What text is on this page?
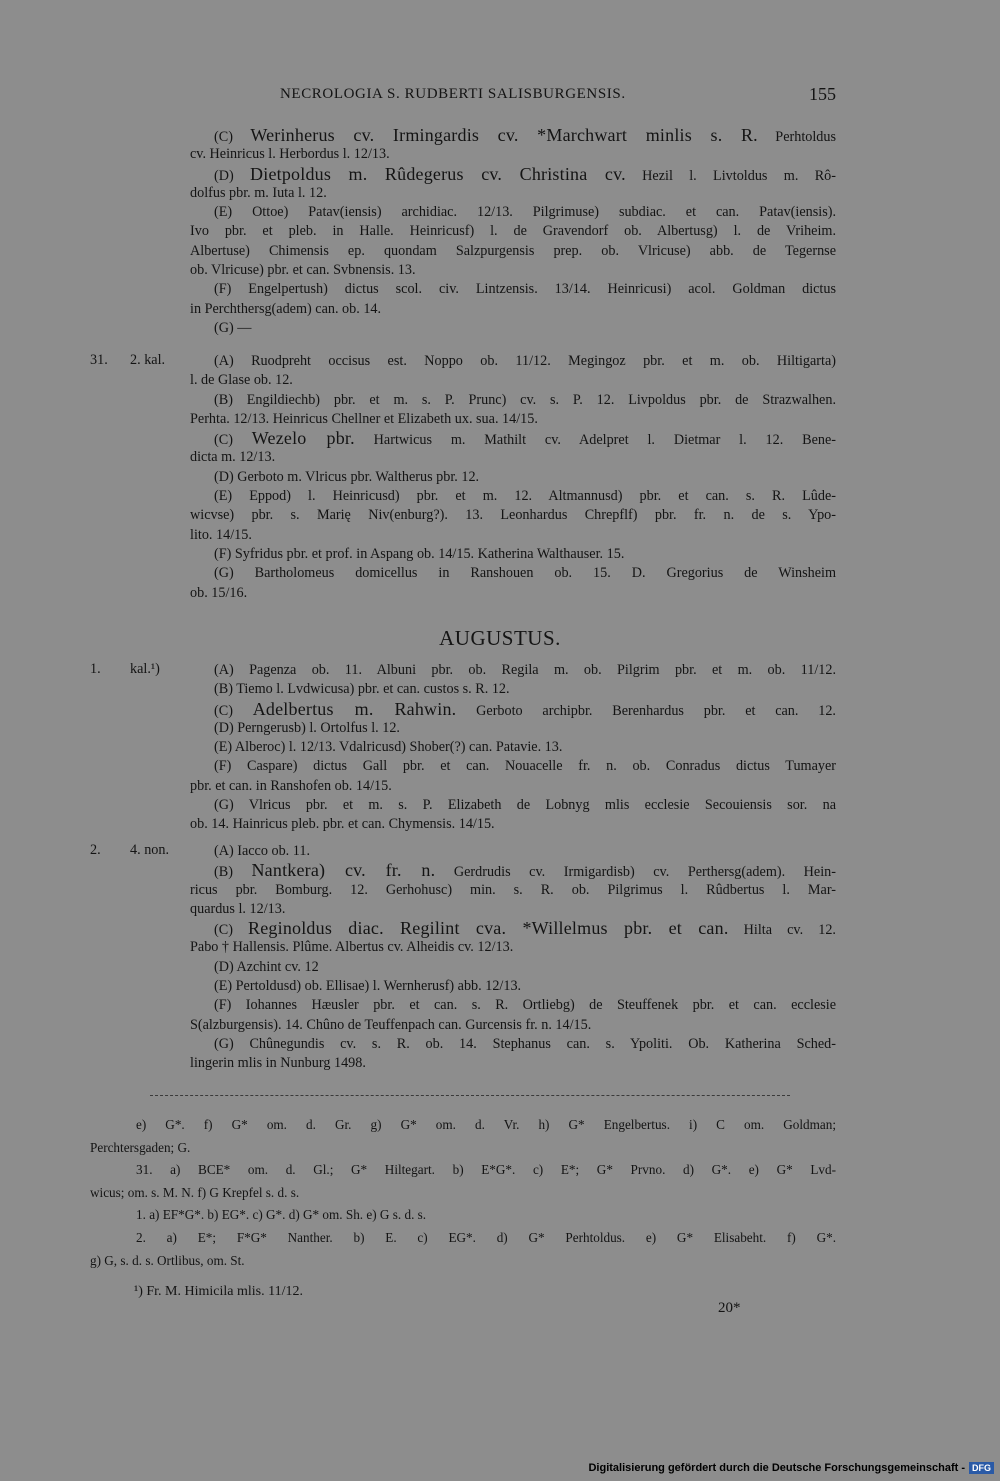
NECROLOGIA S. RUDBERTI SALISBURGENSIS.	155
(C) Werinherus cv. Irmingardis cv. *Marchwart minlis s. R. Perhtoldus
cv. Heinricus l. Herbordus l. 12/13.
(D) Dietpoldus m. Rûdegerus cv. Christina cv. Hezil l. Livtoldus m. Rô-
dolfus pbr. m. Iuta l. 12.
(E) Ottoe) Patav(iensis) archidiac. 12/13. Pilgrimuse) subdiac. et can. Patav(iensis).
Ivo pbr. et pleb. in Halle. Heinricusf) l. de Gravendorf ob. Albertusg) l. de Vriheim.
Albertuse) Chimensis ep. quondam Salzpurgensis prep. ob. Vlricuse) abb. de Tegernse
ob. Vlricuse) pbr. et can. Svbnensis. 13.
(F) Engelpertush) dictus scol. civ. Lintzensis. 13/14. Heinricusi) acol. Goldman dictus
in Perchthersg(adem) can. ob. 14.
(G) —
31. 2. kal.	(A) Ruodpreht occisus est. Noppo ob. 11/12. Megingoz pbr. et m. ob. Hiltigarta)
l. de Glase ob. 12.
(B) Engildiechb) pbr. et m. s. P. Prunc) cv. s. P. 12. Livpoldus pbr. de Strazwalhen.
Perhta. 12/13. Heinricus Chellner et Elizabeth ux. sua. 14/15.
(C) Wezelo pbr. Hartwicus m. Mathilt cv. Adelpret l. Dietmar l. 12. Bene-
dicta m. 12/13.
(D) Gerboto m. Vlricus pbr. Waltherus pbr. 12.
(E) Eppod) l. Heinricusd) pbr. et m. 12. Altmannusd) pbr. et can. s. R. Lûde-
wicvse) pbr. s. Marię Niv(enburg?). 13. Leonhardus Chrepflf) pbr. fr. n. de s. Ypo-
lito. 14/15.
(F) Syfridus pbr. et prof. in Aspang ob. 14/15. Katherina Walthauser. 15.
(G) Bartholomeus domicellus in Ranshouen ob. 15. D. Gregorius de Winsheim
ob. 15/16.
AUGUSTUS.
1. kal.¹)	(A) Pagenza ob. 11. Albuni pbr. ob. Regila m. ob. Pilgrim pbr. et m. ob. 11/12.
(B) Tiemo l. Lvdwicusa) pbr. et can. custos s. R. 12.
(C) Adelbertus m. Rahwin. Gerboto archipbr. Berenhardus pbr. et can. 12.
(D) Perngerusb) l. Ortolfus l. 12.
(E) Alberoc) l. 12/13. Vdalricusd) Shober(?) can. Patavie. 13.
(F) Caspare) dictus Gall pbr. et can. Nouacelle fr. n. ob. Conradus dictus Tumayer
pbr. et can. in Ranshofen ob. 14/15.
(G) Vlricus pbr. et m. s. P. Elizabeth de Lobnyg mlis ecclesie Secouiensis sor. na
ob. 14. Hainricus pleb. pbr. et can. Chymensis. 14/15.
2. 4. non.	(A) Iacco ob. 11.
(B) Nantkera) cv. fr. n. Gerdrudis cv. Irmigardisb) cv. Perthersg(adem). Hein-
ricus pbr. Bomburg. 12. Gerhohusc) min. s. R. ob. Pilgrimus l. Rûdbertus l. Mar-
quardus l. 12/13.
(C) Reginoldus diac. Regilint cva. *Willelmus pbr. et can. Hilta cv. 12.
Pabo † Hallensis. Plûme. Albertus cv. Alheidis cv. 12/13.
(D) Azchint cv. 12
(E) Pertoldusd) ob. Ellisae) l. Wernherusf) abb. 12/13.
(F) Iohannes Hæusler pbr. et can. s. R. Ortliebg) de Steuffenek pbr. et can. ecclesie
S(alzburgensis). 14. Chûno de Teuffenpach can. Gurcensis fr. n. 14/15.
(G) Chûnegundis cv. s. R. ob. 14. Stephanus can. s. Ypoliti. Ob. Katherina Sched-
lingerin mlis in Nunburg 1498.
e) G*. f) G* om. d. Gr. g) G* om. d. Vr. h) G* Engelbertus. i) C om. Goldman;
Perchtersgaden; G.
31. a) BCE* om. d. Gl.; G* Hiltegart. b) E*G*. c) E*; G* Prvno. d) G*. e) G* Lvd-
wicus; om. s. M. N. f) G Krepfel s. d. s.
1. a) EF*G*. b) EG*. c) G*. d) G* om. Sh. e) G s. d. s.
2. a) E*; F*G* Nanther. b) E. c) EG*. d) G* Perhtoldus. e) G* Elisabeht. f) G*.
g) G, s. d. s. Ortlibus, om. St.
¹) Fr. M. Himicila mlis. 11/12.
20*
Digitalisierung gefördert durch die Deutsche Forschungsgemeinschaft - DFG
